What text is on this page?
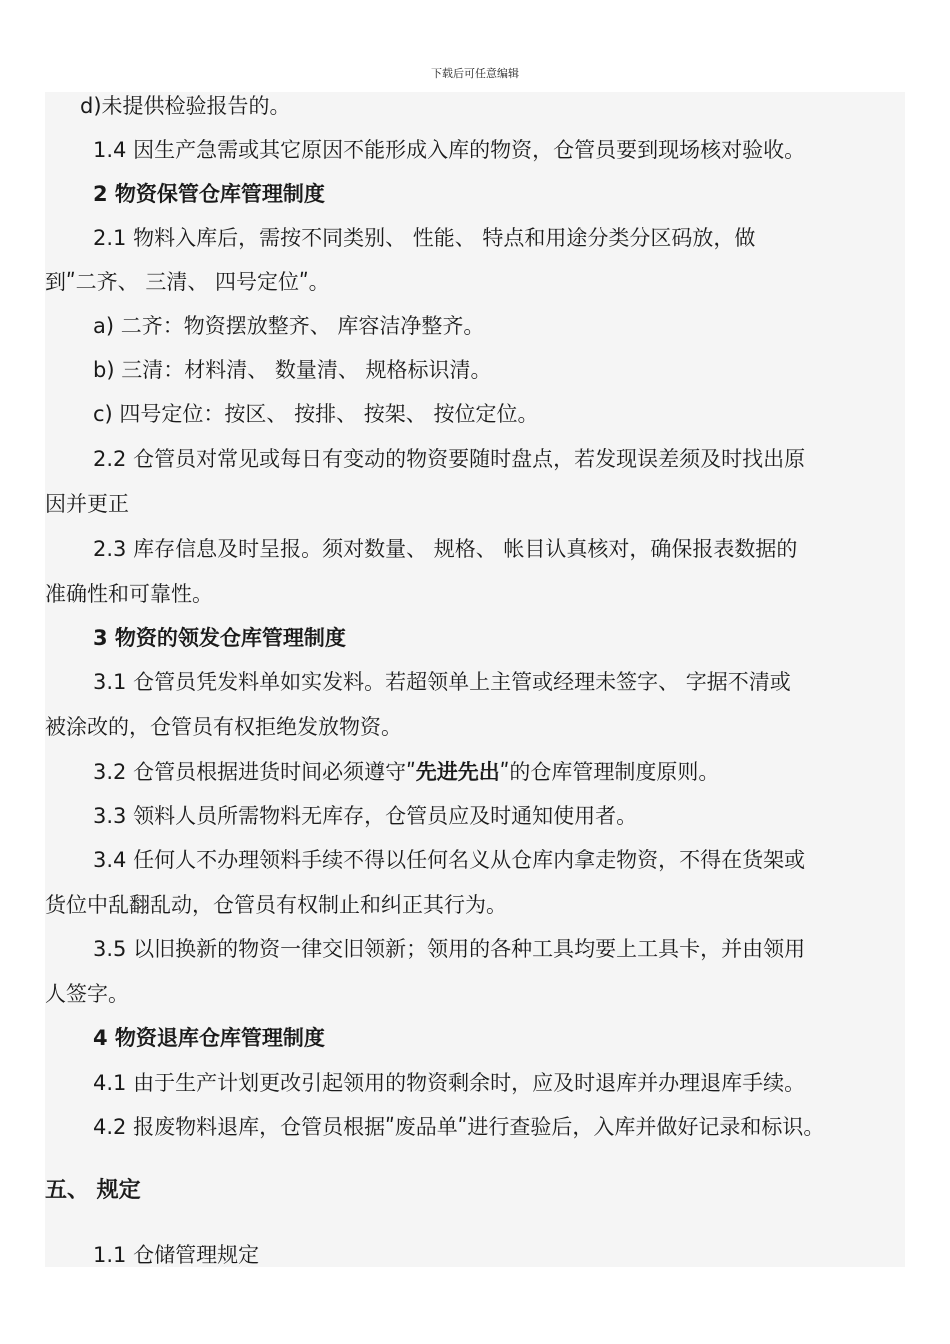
下载后可任意编辑
d)未提供检验报告的。
1.4 因生产急需或其它原因不能形成入库的物资，仓管员要到现场核对验收。
2 物资保管仓库管理制度
2.1 物料入库后，需按不同类别、 性能、 特点和用途分类分区码放，做
到ʺ二齐、 三清、 四号定位ʺ。
a) 二齐：物资摆放整齐、 库容洁净整齐。
b) 三清：材料清、 数量清、 规格标识清。
c) 四号定位：按区、 按排、 按架、 按位定位。
2.2 仓管员对常见或每日有变动的物资要随时盘点，若发现误差须及时找出原
因并更正
2.3 库存信息及时呈报。须对数量、 规格、 帐目认真核对，确保报表数据的
准确性和可靠性。
3 物资的领发仓库管理制度
3.1 仓管员凭发料单如实发料。若超领单上主管或经理未签字、 字据不清或
被涂改的，仓管员有权拒绝发放物资。
3.2 仓管员根据进货时间必须遵守ʺ先进先出ʺ的仓库管理制度原则。
3.3 领料人员所需物料无库存，仓管员应及时通知使用者。
3.4 任何人不办理领料手续不得以任何名义从仓库内拿走物资，不得在货架或
货位中乱翻乱动，仓管员有权制止和纠正其行为。
3.5 以旧换新的物资一律交旧领新；领用的各种工具均要上工具卡，并由领用
人签字。
4 物资退库仓库管理制度
4.1 由于生产计划更改引起领用的物资剩余时，应及时退库并办理退库手续。
4.2 报废物料退库，仓管员根据ʺ废品单ʺ进行查验后，入库并做好记录和标识。
五、 规定
1.1 仓储管理规定
